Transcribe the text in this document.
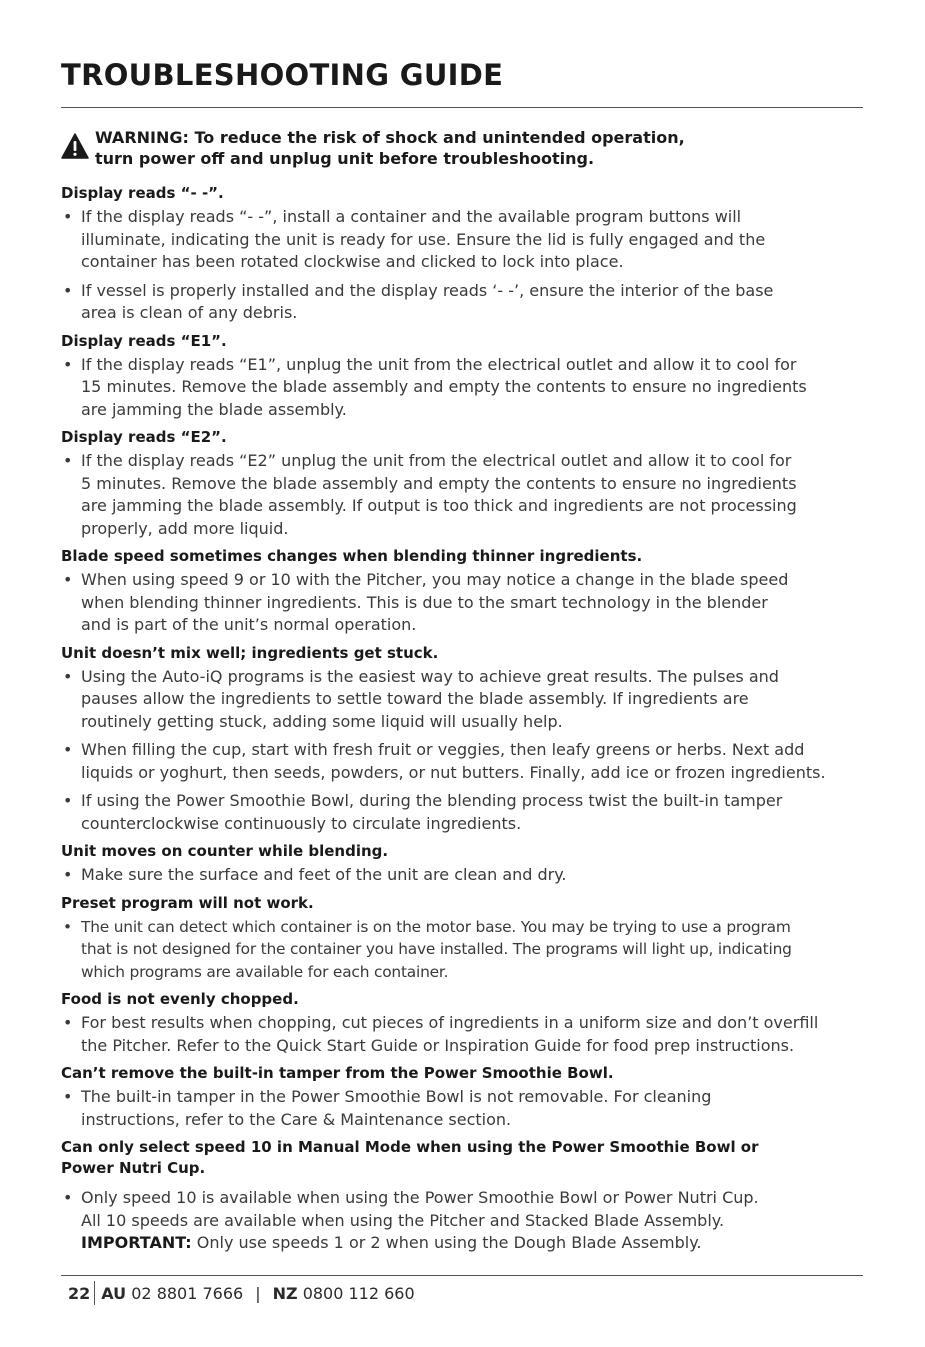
TROUBLESHOOTING GUIDE
WARNING: To reduce the risk of shock and unintended operation,
turn power off and unplug unit before troubleshooting.
Display reads “- -”.
• If the display reads “- -”, install a container and the available program buttons will
illuminate, indicating the unit is ready for use. Ensure the lid is fully engaged and the
container has been rotated clockwise and clicked to lock into place.
• If vessel is properly installed and the display reads ‘- -’, ensure the interior of the base
area is clean of any debris.
Display reads “E1”.
• If the display reads “E1”, unplug the unit from the electrical outlet and allow it to cool for
15 minutes. Remove the blade assembly and empty the contents to ensure no ingredients
are jamming the blade assembly.
Display reads “E2”.
• If the display reads “E2” unplug the unit from the electrical outlet and allow it to cool for
5 minutes. Remove the blade assembly and empty the contents to ensure no ingredients
are jamming the blade assembly. If output is too thick and ingredients are not processing
properly, add more liquid.
Blade speed sometimes changes when blending thinner ingredients.
• When using speed 9 or 10 with the Pitcher, you may notice a change in the blade speed
when blending thinner ingredients. This is due to the smart technology in the blender
and is part of the unit’s normal operation.
Unit doesn’t mix well; ingredients get stuck.
• Using the Auto-iQ programs is the easiest way to achieve great results. The pulses and
pauses allow the ingredients to settle toward the blade assembly. If ingredients are
routinely getting stuck, adding some liquid will usually help.
• When filling the cup, start with fresh fruit or veggies, then leafy greens or herbs. Next add
liquids or yoghurt, then seeds, powders, or nut butters. Finally, add ice or frozen ingredients.
• If using the Power Smoothie Bowl, during the blending process twist the built-in tamper
counterclockwise continuously to circulate ingredients.
Unit moves on counter while blending.
• Make sure the surface and feet of the unit are clean and dry.
Preset program will not work.
• The unit can detect which container is on the motor base. You may be trying to use a program
that is not designed for the container you have installed. The programs will light up, indicating
which programs are available for each container.
Food is not evenly chopped.
• For best results when chopping, cut pieces of ingredients in a uniform size and don’t overfill
the Pitcher. Refer to the Quick Start Guide or Inspiration Guide for food prep instructions.
Can’t remove the built-in tamper from the Power Smoothie Bowl.
• The built-in tamper in the Power Smoothie Bowl is not removable. For cleaning
instructions, refer to the Care & Maintenance section.
Can only select speed 10 in Manual Mode when using the Power Smoothie Bowl or
Power Nutri Cup.
• Only speed 10 is available when using the Power Smoothie Bowl or Power Nutri Cup.
All 10 speeds are available when using the Pitcher and Stacked Blade Assembly.
IMPORTANT: Only use speeds 1 or 2 when using the Dough Blade Assembly.
22 AU 02 8801 7666 | NZ 0800 112 660
